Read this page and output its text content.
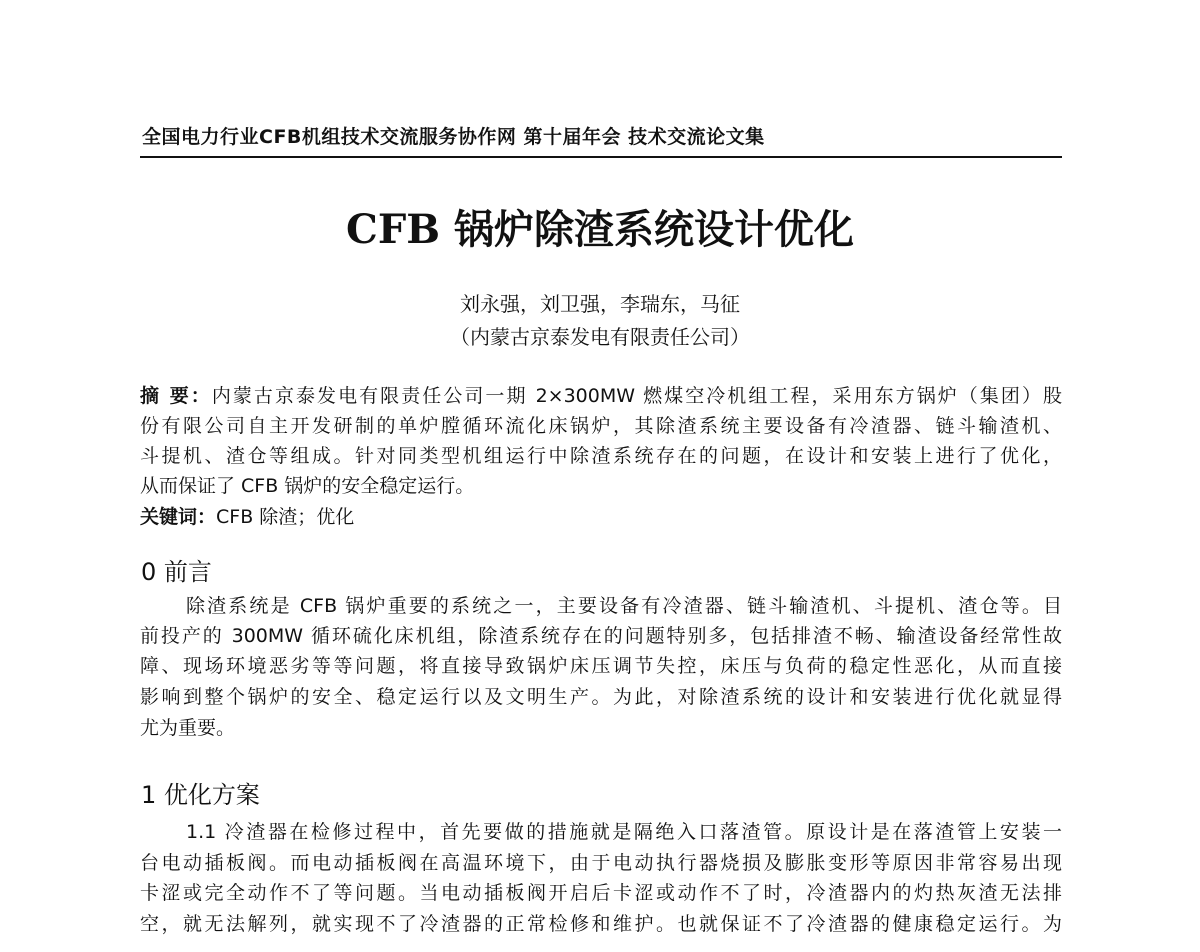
全国电力行业CFB机组技术交流服务协作网 第十届年会 技术交流论文集
CFB 锅炉除渣系统设计优化
刘永强，刘卫强，李瑞东，马征
（内蒙古京泰发电有限责任公司）
摘 要：内蒙古京泰发电有限责任公司一期 2×300MW 燃煤空冷机组工程，采用东方锅炉（集团）股
份有限公司自主开发研制的单炉膛循环流化床锅炉，其除渣系统主要设备有冷渣器、链斗输渣机、
斗提机、渣仓等组成。针对同类型机组运行中除渣系统存在的问题，在设计和安装上进行了优化，
从而保证了 CFB 锅炉的安全稳定运行。
关键词：CFB 除渣；优化
0 前言
除渣系统是 CFB 锅炉重要的系统之一，主要设备有冷渣器、链斗输渣机、斗提机、渣仓等。目
前投产的 300MW 循环硫化床机组，除渣系统存在的问题特别多，包括排渣不畅、输渣设备经常性故
障、现场环境恶劣等等问题，将直接导致锅炉床压调节失控，床压与负荷的稳定性恶化，从而直接
影响到整个锅炉的安全、稳定运行以及文明生产。为此，对除渣系统的设计和安装进行优化就显得
尤为重要。
1 优化方案
1.1 冷渣器在检修过程中，首先要做的措施就是隔绝入口落渣管。原设计是在落渣管上安装一
台电动插板阀。而电动插板阀在高温环境下，由于电动执行器烧损及膨胀变形等原因非常容易出现
卡涩或完全动作不了等问题。当电动插板阀开启后卡涩或动作不了时，冷渣器内的灼热灰渣无法排
空，就无法解列，就实现不了冷渣器的正常检修和维护。也就保证不了冷渣器的健康稳定运行。为
